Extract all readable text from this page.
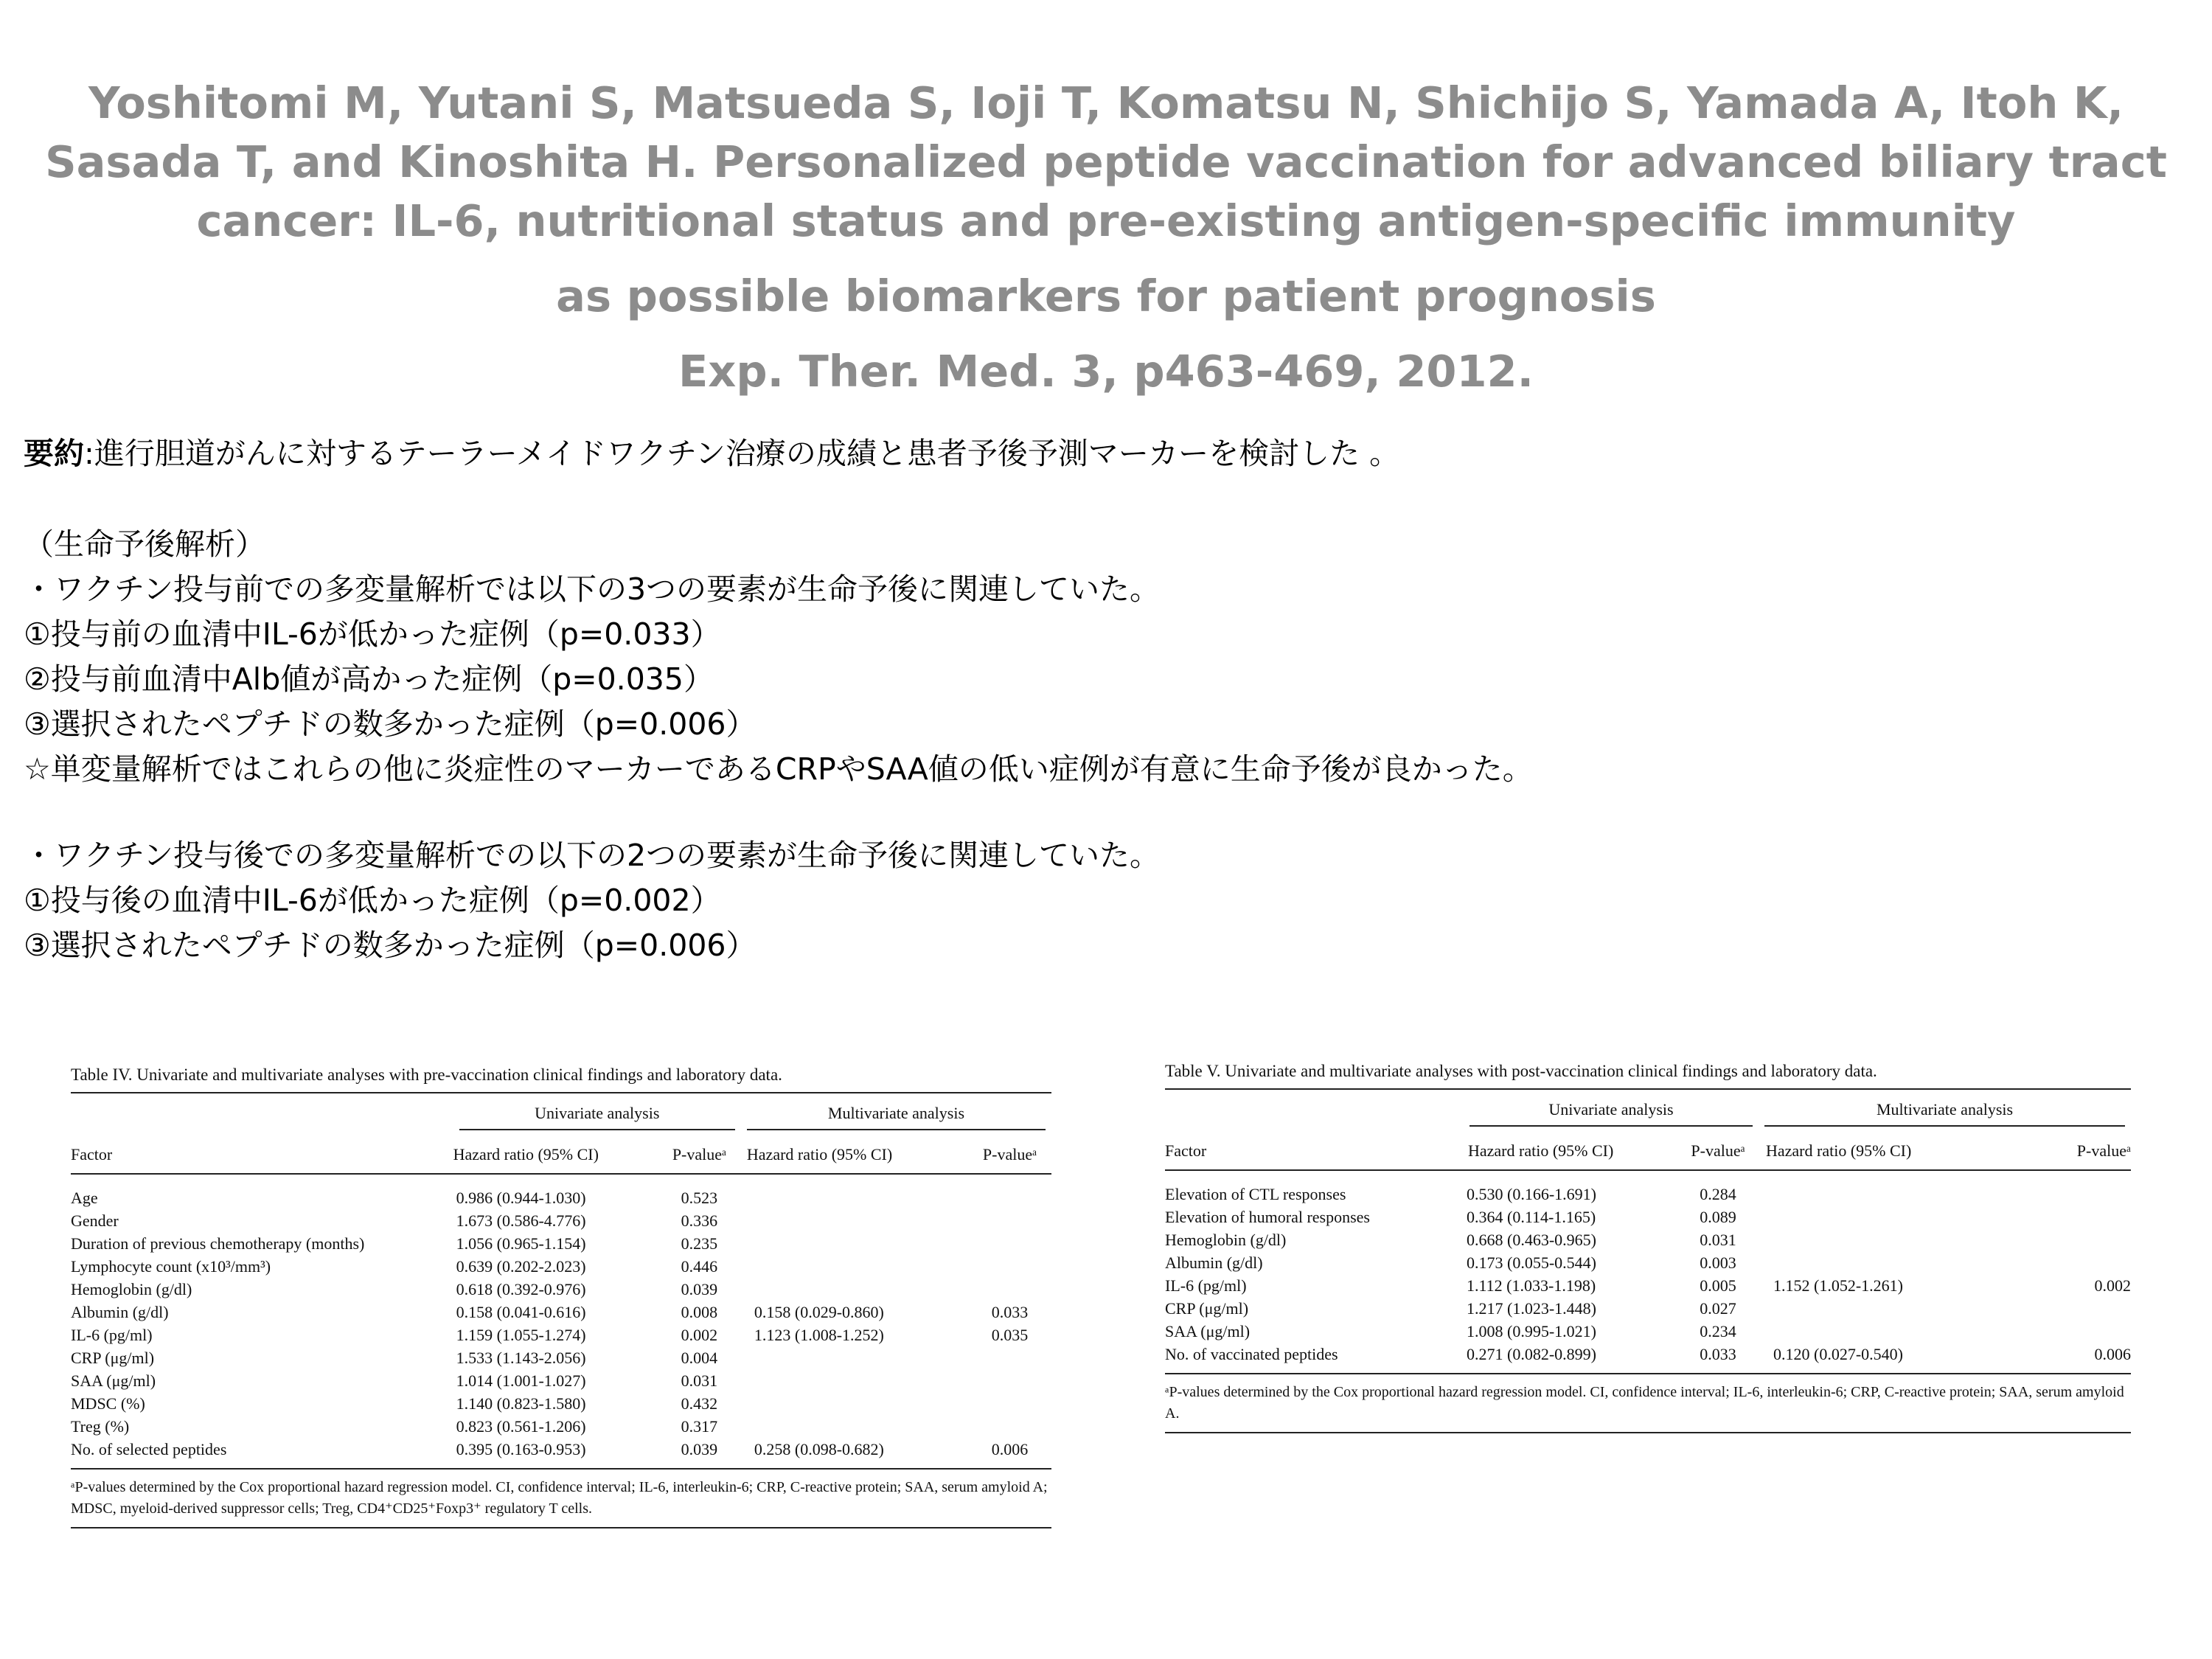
Yoshitomi M, Yutani S, Matsueda S, Ioji T, Komatsu N, Shichijo S, Yamada A, Itoh K,
Sasada T, and Kinoshita H. Personalized peptide vaccination for advanced biliary tract
cancer: IL-6, nutritional status and pre-existing antigen-specific immunity
as possible biomarkers for patient prognosis
Exp. Ther. Med. 3, p463-469, 2012.
要約:進行胆道がんに対するテーラーメイドワクチン治療の成績と患者予後予測マーカーを検討した 。
（生命予後解析）
・ワクチン投与前での多変量解析では以下の3つの要素が生命予後に関連していた。
①投与前の血清中IL-6が低かった症例（p=0.033）
②投与前血清中Alb値が高かった症例（p=0.035）
③選択されたペプチドの数多かった症例（p=0.006）
☆単変量解析ではこれらの他に炎症性のマーカーであるCRPやSAA値の低い症例が有意に生命予後が良かった。
・ワクチン投与後での多変量解析での以下の2つの要素が生命予後に関連していた。
①投与後の血清中IL-6が低かった症例（p=0.002）
③選択されたペプチドの数多かった症例（p=0.006）
Table IV. Univariate and multivariate analyses with pre-vaccination clinical findings and laboratory data.

	Univariate analysis		Multivariate analysis	

Factor	Hazard ratio (95% CI)	P-valueᵃ	Hazard ratio (95% CI)	P-valueᵃ
Age	0.986 (0.944-1.030)	0.523		
Gender	1.673 (0.586-4.776)	0.336		
Duration of previous chemotherapy (months)	1.056 (0.965-1.154)	0.235		
Lymphocyte count (x10³/mm³)	0.639 (0.202-2.023)	0.446		
Hemoglobin (g/dl)	0.618 (0.392-0.976)	0.039		
Albumin (g/dl)	0.158 (0.041-0.616)	0.008	0.158 (0.029-0.860)	0.033
IL-6 (pg/ml)	1.159 (1.055-1.274)	0.002	1.123 (1.008-1.252)	0.035
CRP (μg/ml)	1.533 (1.143-2.056)	0.004		
SAA (μg/ml)	1.014 (1.001-1.027)	0.031		
MDSC (%)	1.140 (0.823-1.580)	0.432		
Treg (%)	0.823 (0.561-1.206)	0.317		
No. of selected peptides	0.395 (0.163-0.953)	0.039	0.258 (0.098-0.682)	0.006
ᵃP-values determined by the Cox proportional hazard regression model. CI, confidence interval; IL-6, interleukin-6; CRP, C-reactive protein; SAA, serum amyloid A; MDSC, myeloid-derived suppressor cells; Treg, CD4⁺CD25⁺Foxp3⁺ regulatory T cells.				
Table V. Univariate and multivariate analyses with post-vaccination clinical findings and laboratory data.

	Univariate analysis		Multivariate analysis	

Factor	Hazard ratio (95% CI)	P-valueᵃ	Hazard ratio (95% CI)	P-valueᵃ
Elevation of CTL responses	0.530 (0.166-1.691)	0.284		
Elevation of humoral responses	0.364 (0.114-1.165)	0.089		
Hemoglobin (g/dl)	0.668 (0.463-0.965)	0.031		
Albumin (g/dl)	0.173 (0.055-0.544)	0.003		
IL-6 (pg/ml)	1.112 (1.033-1.198)	0.005	1.152 (1.052-1.261)	0.002
CRP (μg/ml)	1.217 (1.023-1.448)	0.027		
SAA (μg/ml)	1.008 (0.995-1.021)	0.234		
No. of vaccinated peptides	0.271 (0.082-0.899)	0.033	0.120 (0.027-0.540)	0.006
ᵃP-values determined by the Cox proportional hazard regression model. CI, confidence interval; IL-6, interleukin-6; CRP, C-reactive protein; SAA, serum amyloid A.				
